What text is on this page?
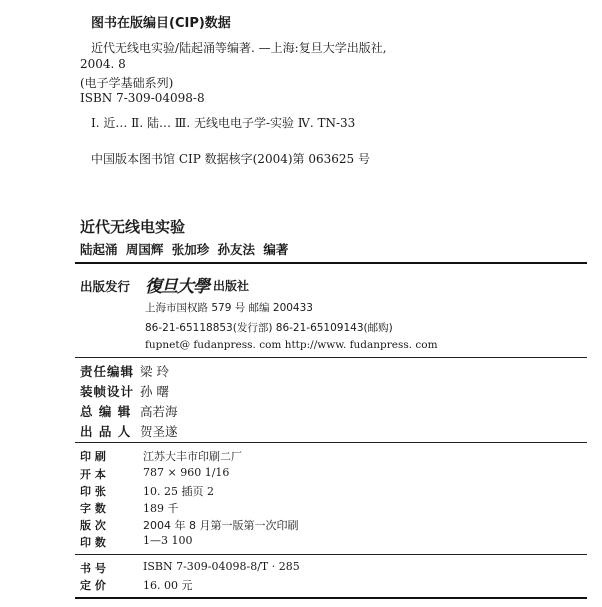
图书在版编目(CIP)数据
近代无线电实验/陆起涌等编著. —上海:复旦大学出版社,
2004. 8
(电子学基础系列)
ISBN 7-309-04098-8
Ⅰ. 近… Ⅱ. 陆… Ⅲ. 无线电电子学-实验 Ⅳ. TN-33
中国版本图书馆 CIP 数据核字(2004)第 063625 号
近代无线电实验
陆起涌 周国辉 张加珍 孙友法 编著
出版发行 復旦大學 出版社
上海市国权路 579 号 邮编 200433
86-21-65118853(发行部) 86-21-65109143(邮购)
fupnet@ fudanpress. com http://www. fudanpress. com
责任编辑 梁 玲
装帧设计 孙 曙
总 编 辑 高若海
出 品 人 贺圣遂
印 刷	江苏大丰市印刷二厂
开 本	787 × 960 1/16
印 张	10. 25 插页 2
字 数	189 千
版 次	2004 年 8 月第一版第一次印刷
印 数	1—3 100
书 号	ISBN 7-309-04098-8/T · 285
定 价	16. 00 元
